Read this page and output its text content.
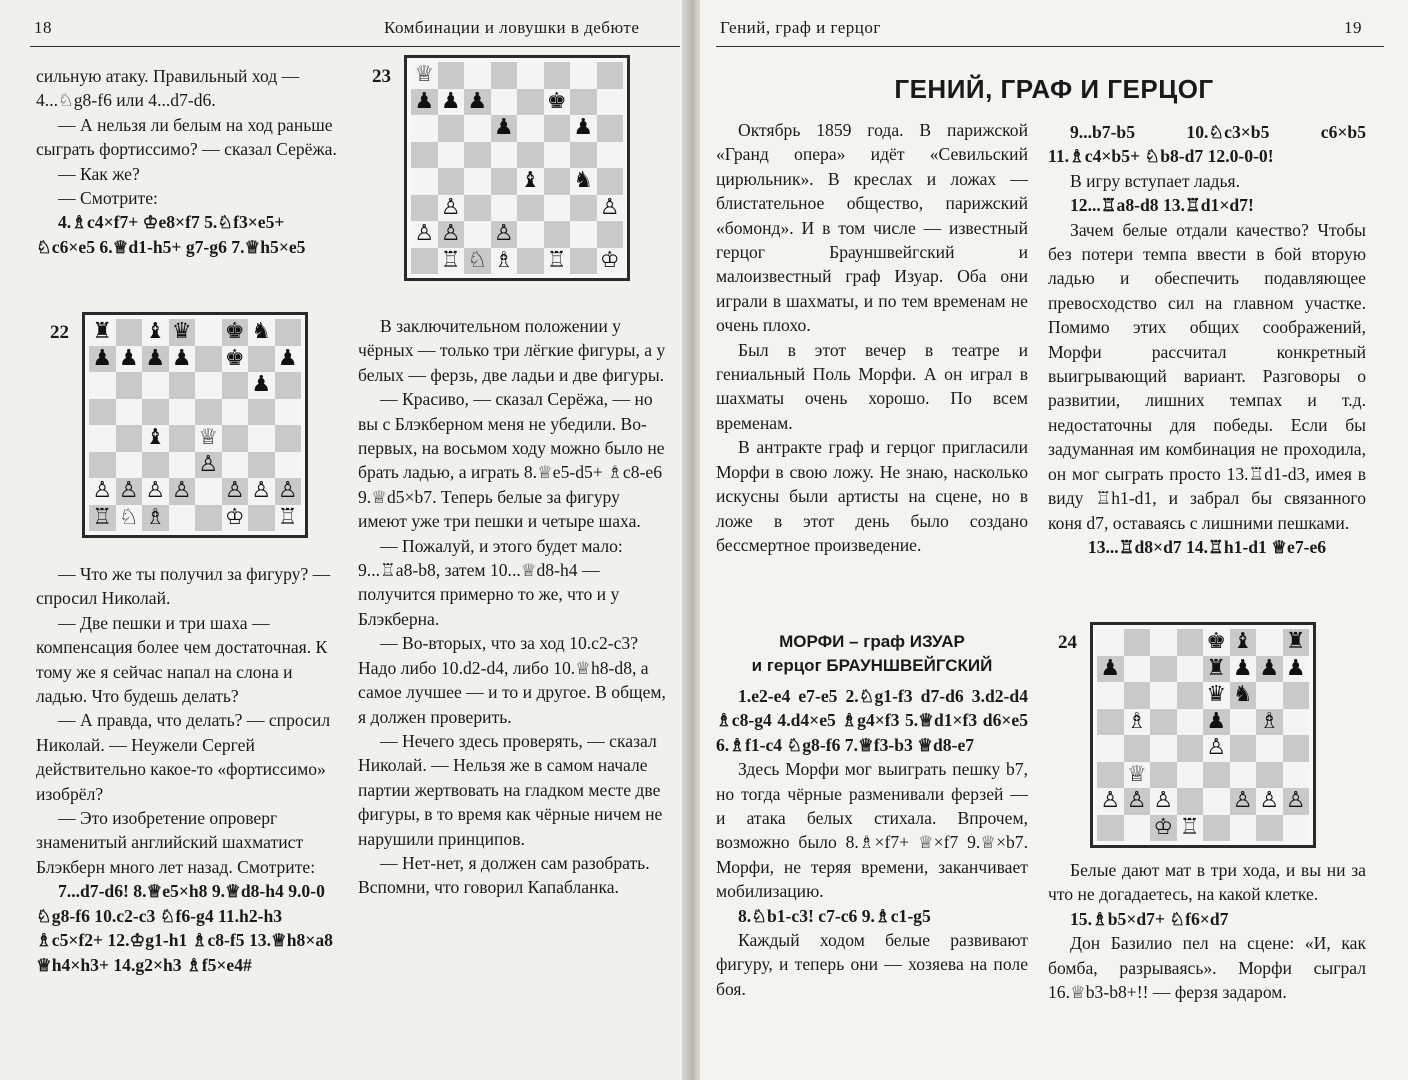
18	Комбинации и ловушки в дебюте

сильную атаку. Правильный ход —

4...♘g8-f6 или 4...d7-d6.

— А нельзя ли белым на ход раньше сыграть фортиссимо? — сказал Серёжа.

— Как же?

— Смотрите:

4.♗c4×f7+ ♔e8×f7 5.♘f3×e5+ ♘c6×e5 6.♕d1-h5+ g7-g6 7.♕h5×e5

22 ♜ ♝ ♛ ♚ ♞
♟ ♟ ♟ ♟ ♚ ♟
♟
♝ ♕
♙
♙ ♙ ♙ ♙ ♙ ♙ ♙
♖ ♘ ♗	♔ ♖

— Что же ты получил за фигуру? — спросил Николай.

— Две пешки и три шаха — компенсация более чем достаточная. К тому же я сейчас напал на слона и ладью. Что будешь делать?

— А правда, что делать? — спросил Николай. — Неужели Сергей действительно какое-то «фортиссимо» изобрёл?

— Это изобретение опроверг знаменитый английский шахматист Блэкберн много лет назад. Смотрите:

7...d7-d6! 8.♕e5×h8 9.♕d8-h4 9.0-0 ♘g8-f6 10.c2-c3 ♘f6-g4 11.h2-h3 ♗c5×f2+ 12.♔g1-h1 ♗c8-f5 13.♕h8×a8 ♕h4×h3+ 14.g2×h3 ♗f5×e4#

23 ♕
♟ ♟ ♟	♚
♟	♟
♝ ♞
♙	♙
♙ ♙ ♙
♖ ♘ ♗ ♖ ♔

В заключительном положении у чёрных — только три лёгкие фигуры, а у белых — ферзь, две ладьи и две фигуры.

— Красиво, — сказал Серёжа, — но вы с Блэкберном меня не убедили. Во-первых, на восьмом ходу можно было не брать ладью, а играть 8.♕e5-d5+ ♗c8-e6 9.♕d5×b7. Теперь белые за фигуру имеют уже три пешки и четыре шаха.

— Пожалуй, и этого будет мало: 9...♖a8-b8, затем 10...♕d8-h4 — получится примерно то же, что и у Блэкберна.

— Во-вторых, что за ход 10.c2-c3? Надо либо 10.d2-d4, либо 10.♕h8-d8, а самое лучшее — и то и другое. В общем, я должен проверить.

— Нечего здесь проверять, — сказал Николай. — Нельзя же в самом начале партии жертвовать на гладком месте две фигуры, в то время как чёрные ничем не нарушили принципов.

— Нет-нет, я должен сам разобрать. Вспомни, что говорил Капабланка.

Гений, граф и герцог	19
ГЕНИЙ, ГРАФ И ГЕРЦОГ

Октябрь 1859 года. В парижской «Гранд опера» идёт «Севильский цирюльник». В креслах и ложах — блистательное общество, парижский «бомонд». И в том числе — известный герцог Брауншвейгский и малоизвестный граф Изуар. Оба они играли в шахматы, и по тем временам не очень плохо.

Был в этот вечер в театре и гениальный Поль Морфи. А он играл в шахматы очень хорошо. По всем временам.

В антракте граф и герцог пригласили Морфи в свою ложу. Не знаю, насколько искусны были артисты на сцене, но в ложе в этот день было создано бессмертное произведение.

МОРФИ – граф ИЗУАР
и герцог БРАУНШВЕЙГСКИЙ

1.e2-e4 e7-e5 2.♘g1-f3 d7-d6 3.d2-d4 ♗c8-g4 4.d4×e5 ♗g4×f3 5.♕d1×f3 d6×e5 6.♗f1-c4 ♘g8-f6 7.♕f3-b3 ♕d8-e7

Здесь Морфи мог выиграть пешку b7, но тогда чёрные разменивали ферзей — и атака белых стихала. Впрочем, возможно было 8.♗×f7+ ♕×f7 9.♕×b7. Морфи, не теряя времени, заканчивает мобилизацию.

8.♘b1-c3! c7-c6 9.♗c1-g5

Каждый ходом белые развивают фигуру, и теперь они — хозяева на поле боя.

9...b7-b5 10.♘c3×b5 c6×b5 11.♗c4×b5+ ♘b8-d7 12.0-0-0!

В игру вступает ладья.

12...♖a8-d8 13.♖d1×d7!

Зачем белые отдали качество? Чтобы без потери темпа ввести в бой вторую ладью и обеспечить подавляющее превосходство сил на главном участке. Помимо этих общих соображений, Морфи рассчитал конкретный выигрывающий вариант. Разговоры о развитии, лишних темпах и т.д. недостаточны для победы. Если бы задуманная им комбинация не проходила, он мог сыграть просто 13.♖d1-d3, имея в виду ♖h1-d1, и забрал бы связанного коня d7, оставаясь с лишними пешками.

13...♖d8×d7 14.♖h1-d1 ♕e7-e6

24	♚ ♝ ♜
♟	♜ ♟ ♟ ♟
♛ ♞
♗	♟ ♗
♙
♕
♙ ♙ ♙	♙ ♙ ♙
♔ ♖

Белые дают мат в три хода, и вы ни за что не догадаетесь, на какой клетке.

15.♗b5×d7+ ♘f6×d7

Дон Базилио пел на сцене: «И, как бомба, разрываясь». Морфи сыграл 16.♕b3-b8+!! — ферзя задаром.
